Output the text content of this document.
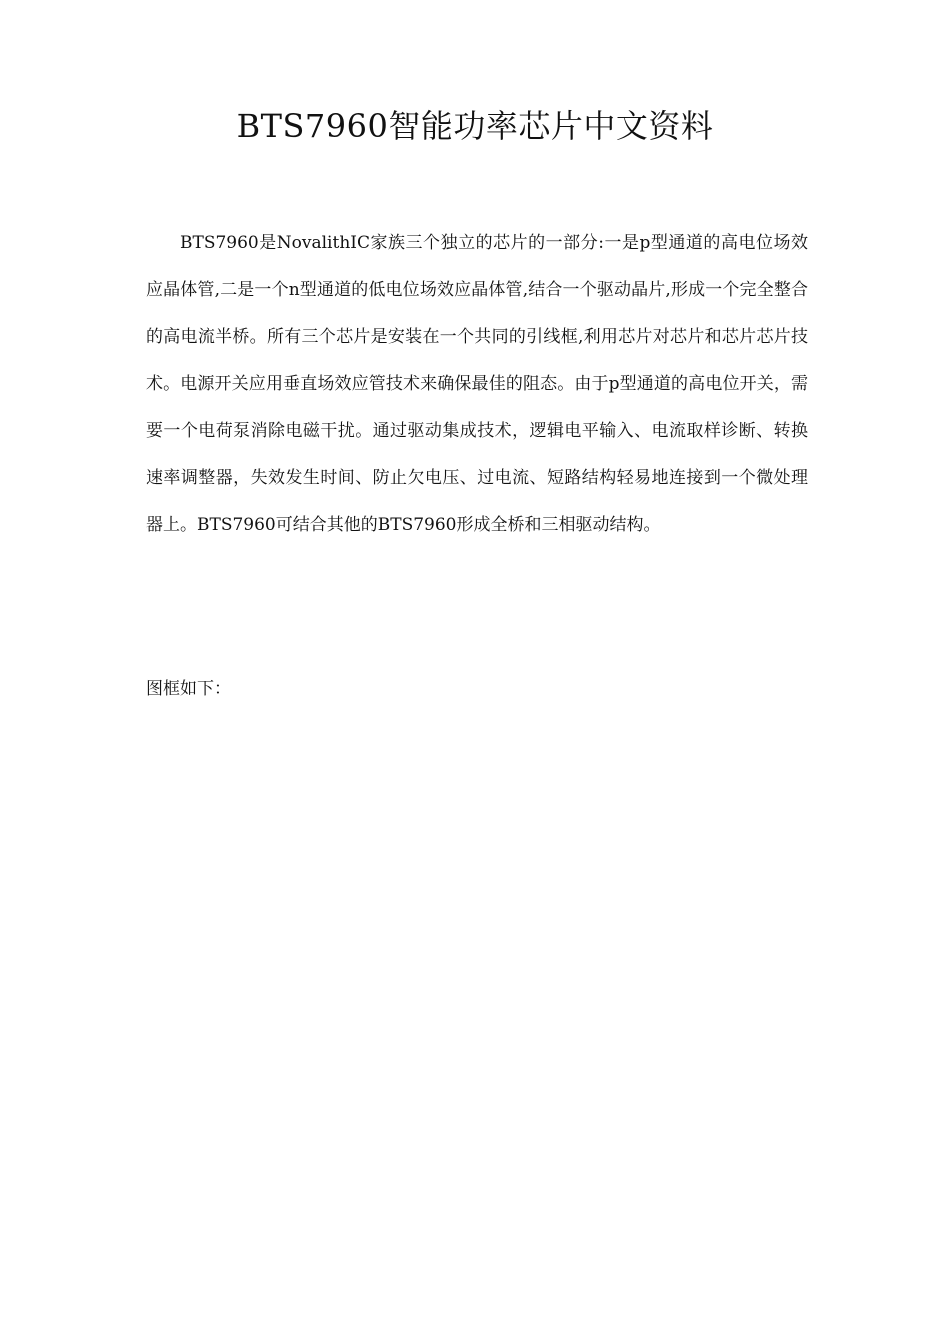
BTS7960智能功率芯片中文资料

BTS7960是NovalithIC家族三个独立的芯片的一部分:一是p型通道的高电位场效应晶体管,二是一个n型通道的低电位场效应晶体管,结合一个驱动晶片,形成一个完全整合的高电流半桥。所有三个芯片是安装在一个共同的引线框,利用芯片对芯片和芯片芯片技术。电源开关应用垂直场效应管技术来确保最佳的阻态。由于p型通道的高电位开关，需要一个电荷泵消除电磁干扰。通过驱动集成技术，逻辑电平输入、电流取样诊断、转换速率调整器，失效发生时间、防止欠电压、过电流、短路结构轻易地连接到一个微处理器上。BTS7960可结合其他的BTS7960形成全桥和三相驱动结构。

图框如下：
